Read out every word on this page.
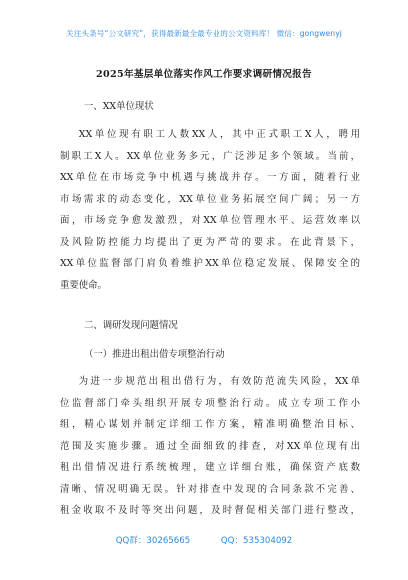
关注头条号“公文研究”，获得最新最全最专业的公文资料库！ 微信：gongwenyj
2025年基层单位落实作风工作要求调研情况报告
一、XX单位现状
XX单位现有职工人数XX人，其中正式职工X人，聘用
制职工X人。XX单位业务多元，广泛涉足多个领域。当前，
XX单位在市场竞争中机遇与挑战并存。一方面，随着行业
市场需求的动态变化，XX单位业务拓展空间广阔；另一方
面，市场竞争愈发激烈，对XX单位管理水平、运营效率以
及风险防控能力均提出了更为严苛的要求。在此背景下，
XX单位监督部门肩负着维护XX单位稳定发展、保障安全的
重要使命。
二、调研发现问题情况
（一）推进出租出借专项整治行动
为进一步规范出租出借行为，有效防范流失风险，XX单
位监督部门牵头组织开展专项整治行动。成立专项工作小
组，精心谋划并制定详细工作方案，精准明确整治目标、
范围及实施步骤。通过全面细致的排查，对XX单位现有出
租出借情况进行系统梳理，建立详细台账，确保资产底数
清晰、情况明确无误。针对排查中发现的合同条款不完善、
租金收取不及时等突出问题，及时督促相关部门进行整改，
QQ群：30265665	QQ：535304092
